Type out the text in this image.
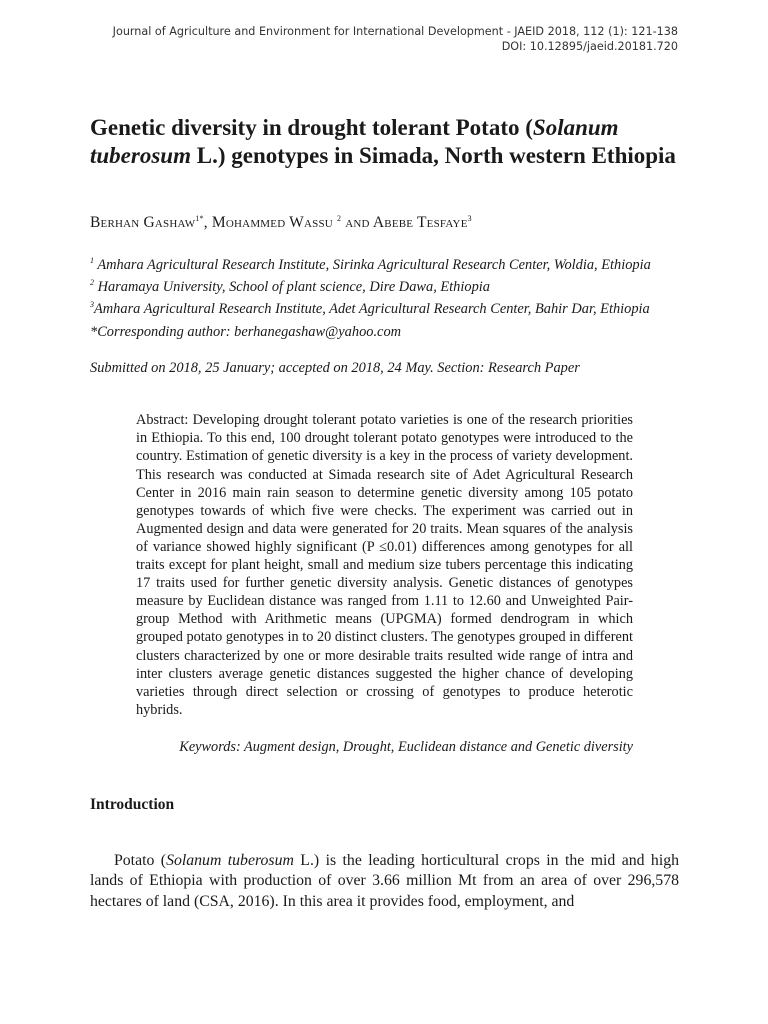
Journal of Agriculture and Environment for International Development - JAEID 2018, 112 (1): 121-138
DOI: 10.12895/jaeid.20181.720
Genetic diversity in drought tolerant Potato (Solanum tuberosum L.) genotypes in Simada, North western Ethiopia
Berhan Gashaw$^{1*}$, Mohammed Wassu $^2$ and Abebe Tesfaye$^3$
$^1$ Amhara Agricultural Research Institute, Sirinka Agricultural Research Center, Woldia, Ethiopia
$^2$ Haramaya University, School of plant science, Dire Dawa, Ethiopia
$^3$Amhara Agricultural Research Institute, Adet Agricultural Research Center, Bahir Dar, Ethiopia
*Corresponding author: berhanegashaw@yahoo.com
Submitted on 2018, 25 January; accepted on 2018, 24 May. Section: Research Paper

Abstract: Developing drought tolerant potato varieties is one of the research priorities in Ethiopia. To this end, 100 drought tolerant potato genotypes were introduced to the country. Estimation of genetic diversity is a key in the process of variety development. This research was conducted at Simada research site of Adet Agricultural Research Center in 2016 main rain season to determine genetic diversity among 105 potato genotypes towards of which five were checks. The experiment was carried out in Augmented design and data were generated for 20 traits. Mean squares of the analysis of variance showed highly significant (P ≤0.01) differences among genotypes for all traits except for plant height, small and medium size tubers percentage this indicating 17 traits used for further genetic diversity analysis. Genetic distances of genotypes measure by Euclidean distance was ranged from 1.11 to 12.60 and Unweighted Pair-group Method with Arithmetic means (UPGMA) formed dendrogram in which grouped potato genotypes in to 20 distinct clusters. The genotypes grouped in different clusters characterized by one or more desirable traits resulted wide range of intra and inter clusters average genetic distances suggested the higher chance of developing varieties through direct selection or crossing of genotypes to produce heterotic hybrids.

Keywords: Augment design, Drought, Euclidean distance and Genetic diversity
Introduction

Potato (Solanum tuberosum L.) is the leading horticultural crops in the mid and high lands of Ethiopia with production of over 3.66 million Mt from an area of over 296,578 hectares of land (CSA, 2016). In this area it provides food, employment, and
